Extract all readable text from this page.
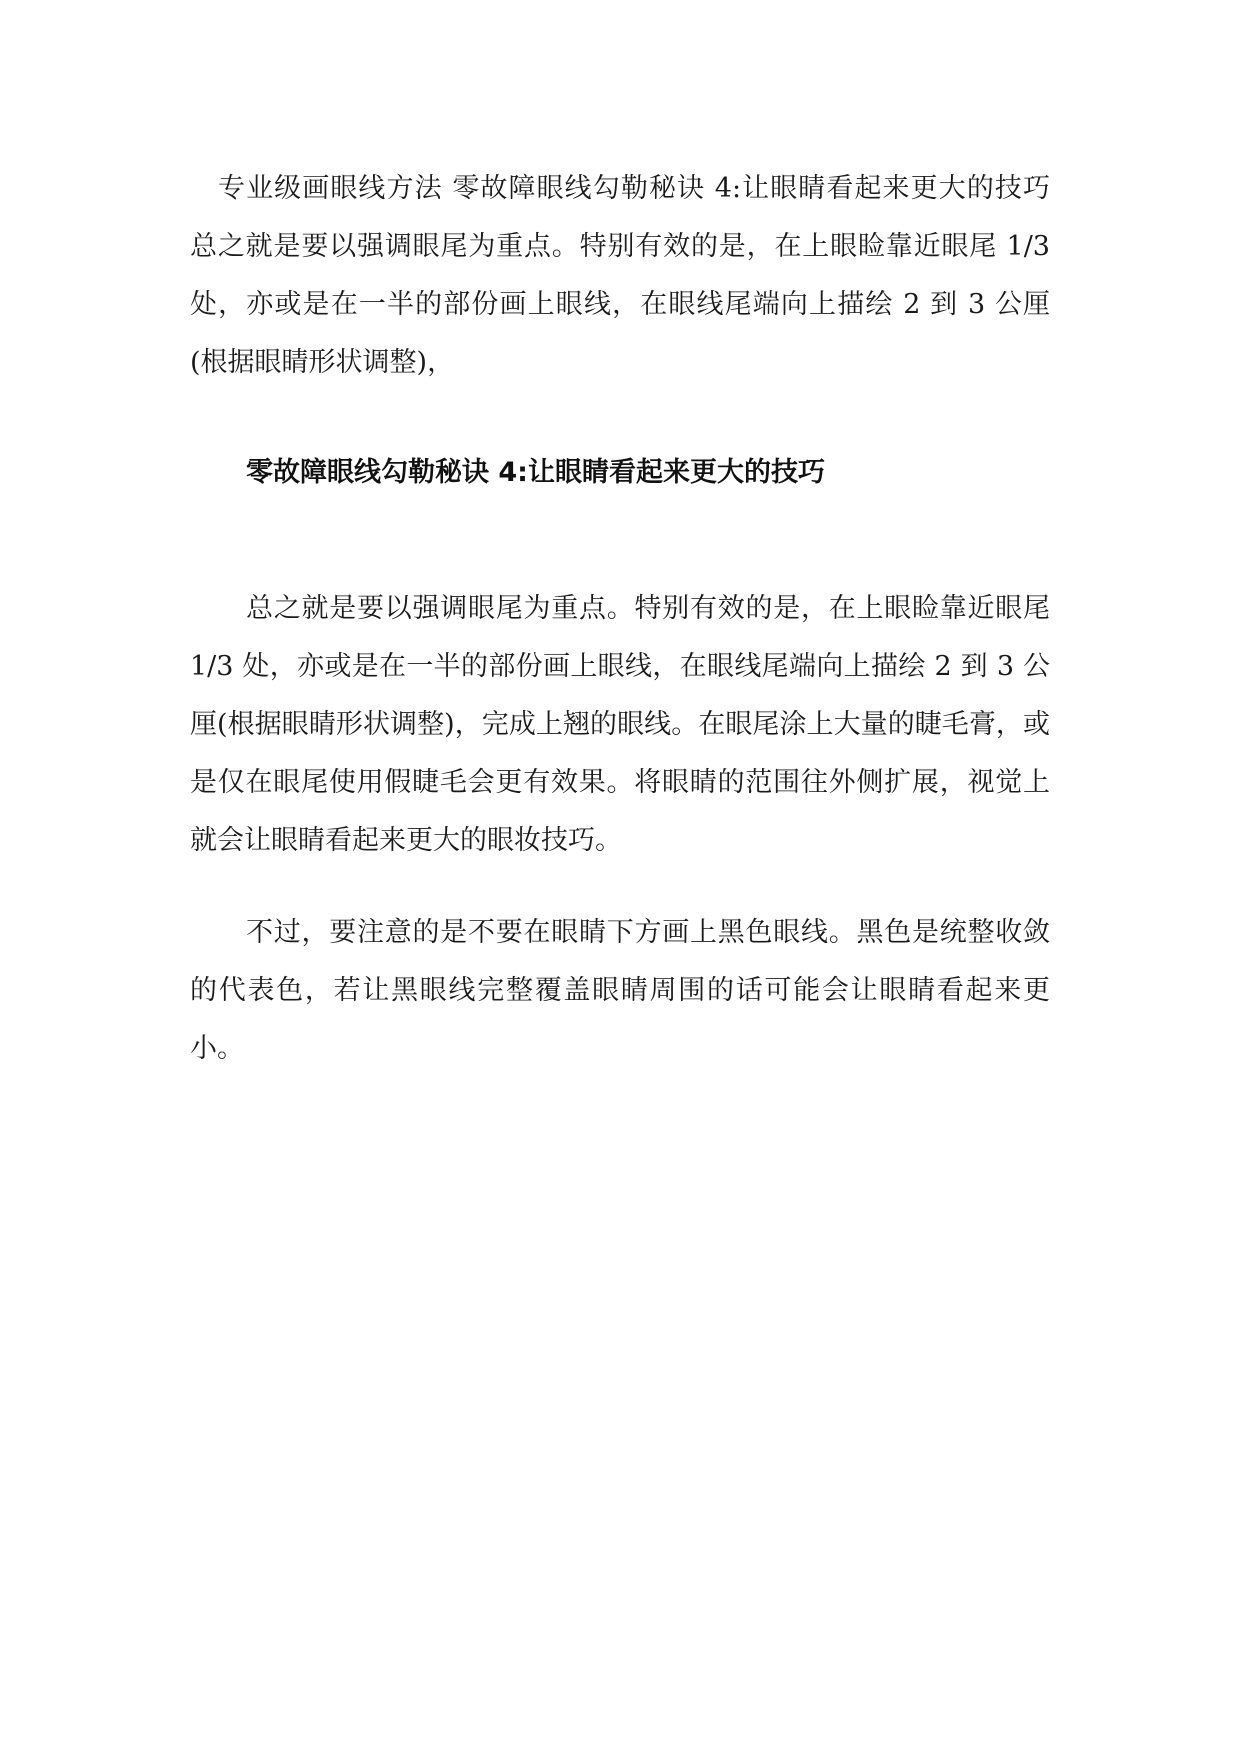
专业级画眼线方法 零故障眼线勾勒秘诀 4:让眼睛看起来更大的技巧 总之就是要以强调眼尾为重点。特别有效的是，在上眼睑靠近眼尾 1/3 处，亦或是在一半的部份画上眼线，在眼线尾端向上描绘 2 到 3 公厘(根据眼睛形状调整)，

零故障眼线勾勒秘诀 4:让眼睛看起来更大的技巧

总之就是要以强调眼尾为重点。特别有效的是，在上眼睑靠近眼尾 1/3 处，亦或是在一半的部份画上眼线，在眼线尾端向上描绘 2 到 3 公厘(根据眼睛形状调整)，完成上翘的眼线。在眼尾涂上大量的睫毛膏，或是仅在眼尾使用假睫毛会更有效果。将眼睛的范围往外侧扩展，视觉上就会让眼睛看起来更大的眼妆技巧。

不过，要注意的是不要在眼睛下方画上黑色眼线。黑色是统整收敛的代表色，若让黑眼线完整覆盖眼睛周围的话可能会让眼睛看起来更小。
